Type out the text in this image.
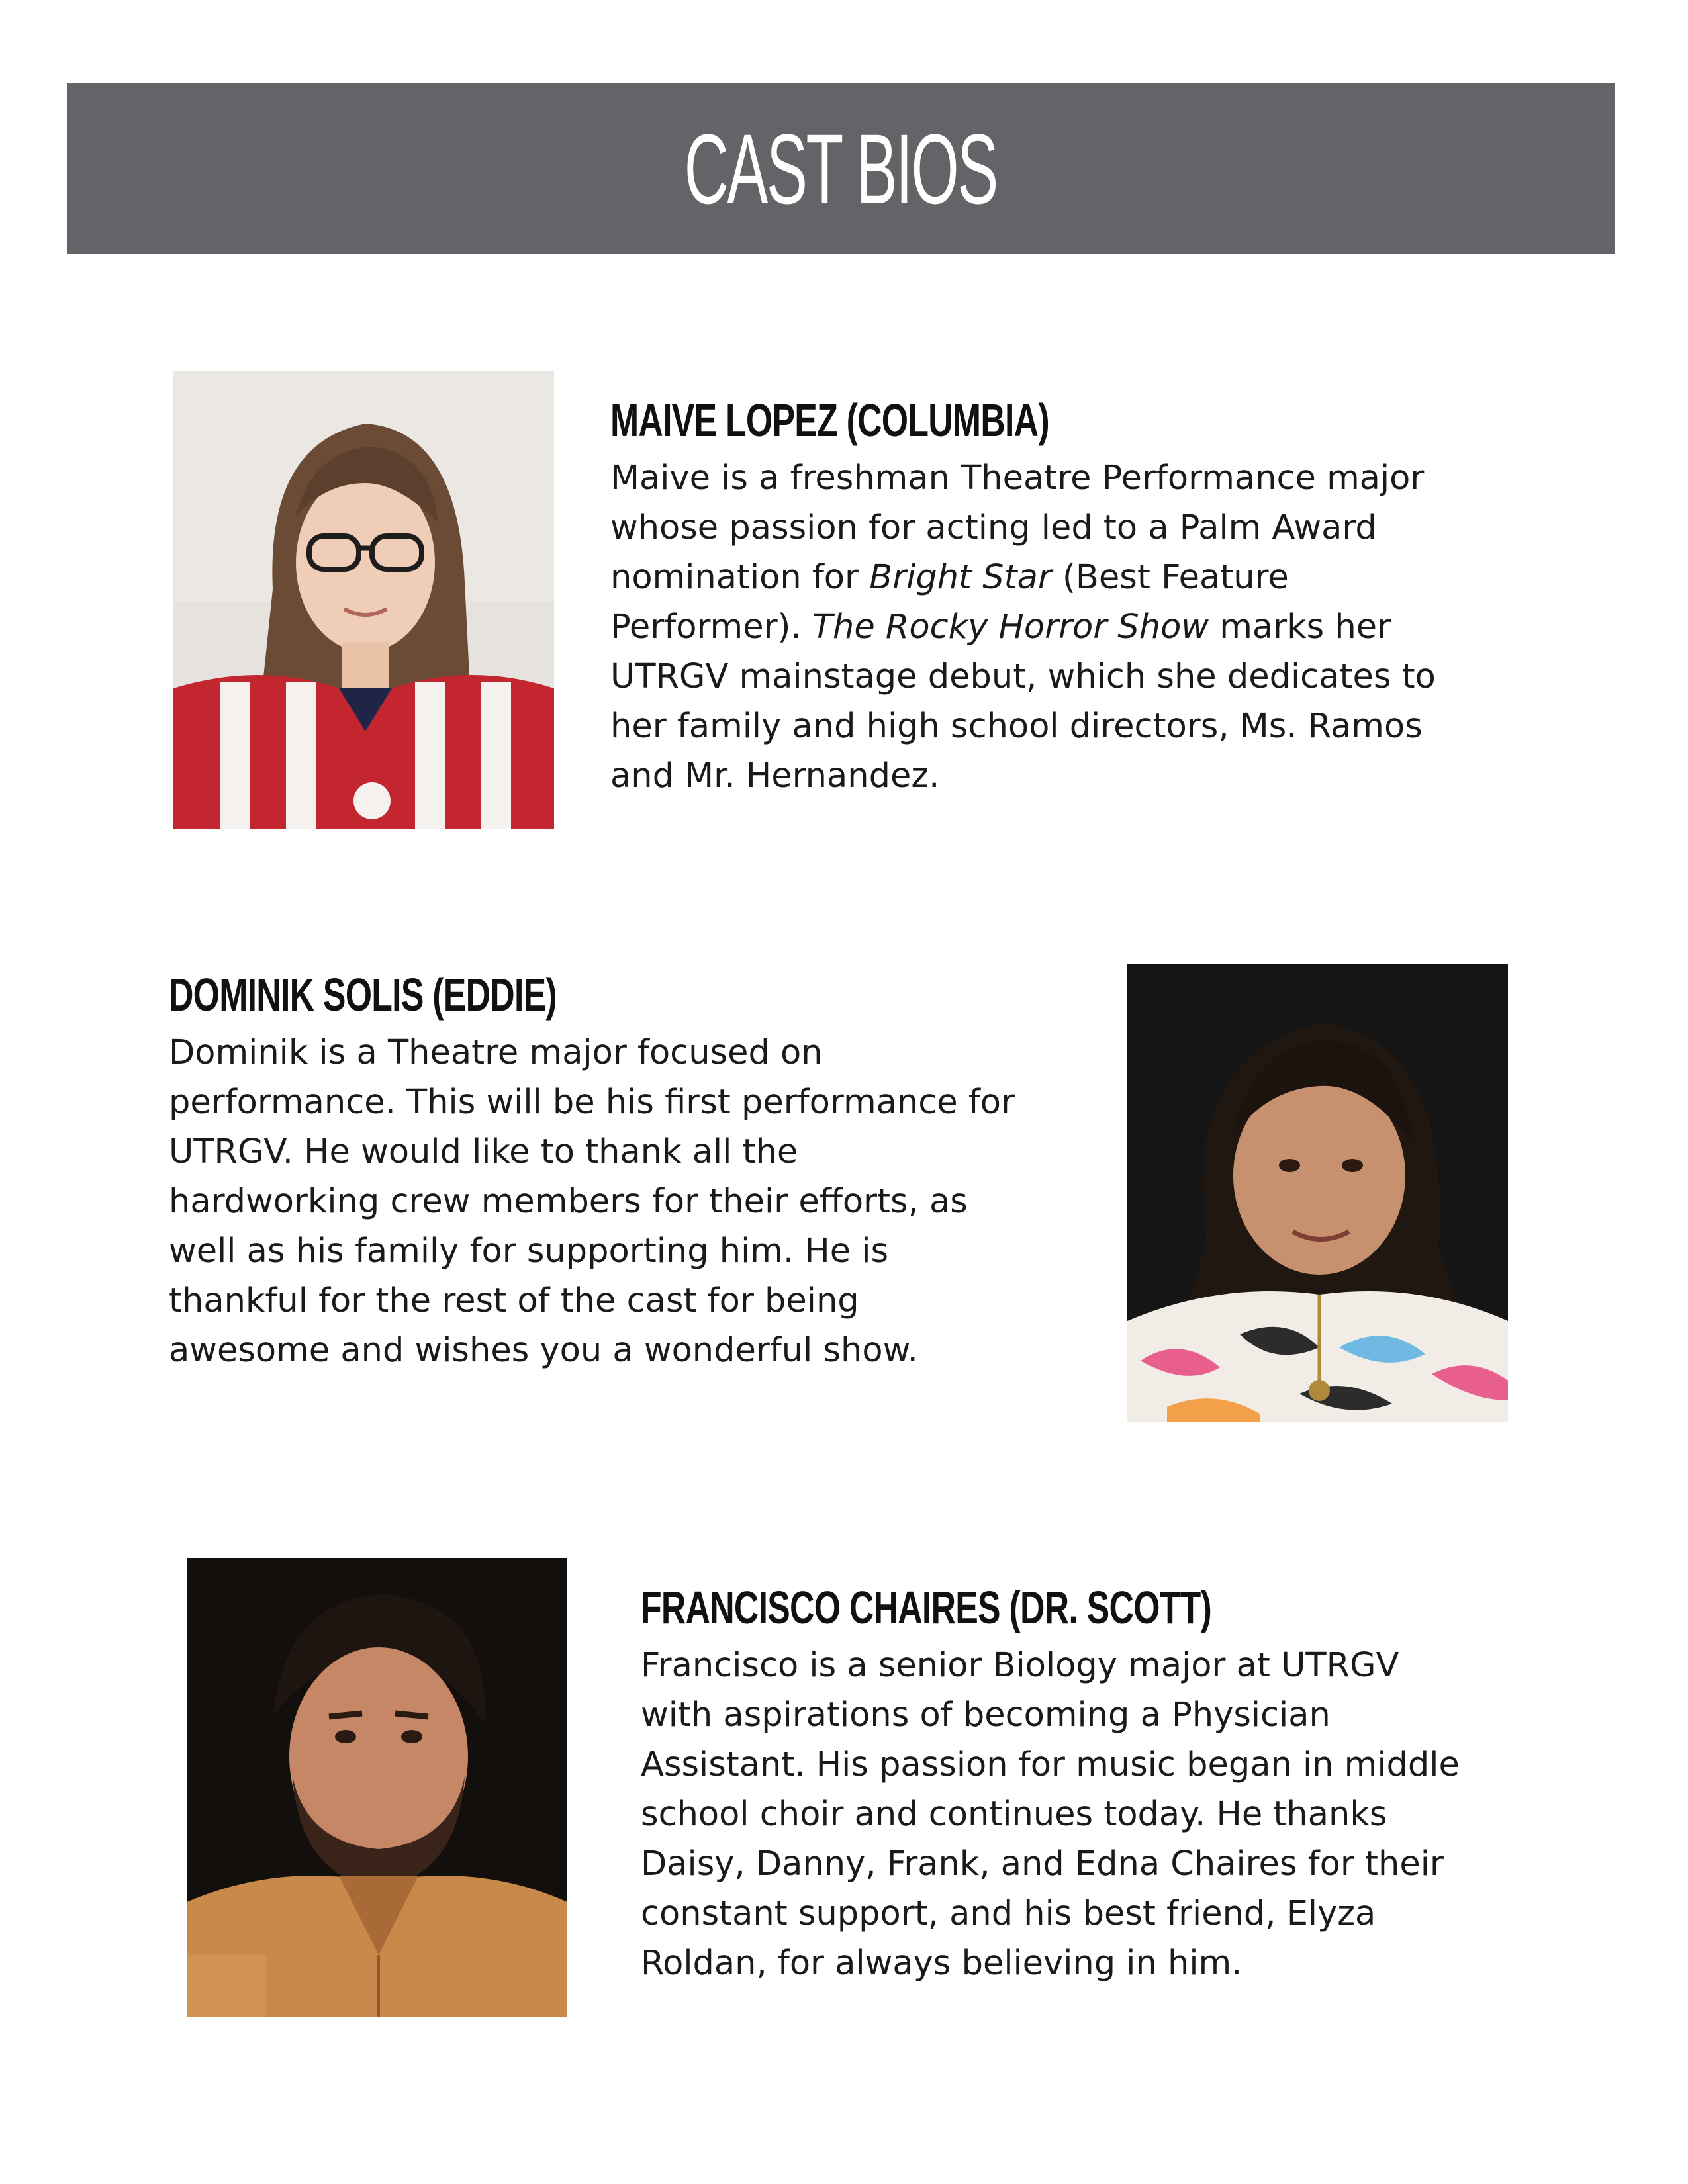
CAST BIOS
MAIVE LOPEZ (COLUMBIA)
Maive is a freshman Theatre Performance major
whose passion for acting led to a Palm Award
nomination for Bright Star (Best Feature
Performer). The Rocky Horror Show marks her
UTRGV mainstage debut, which she dedicates to
her family and high school directors, Ms. Ramos
and Mr. Hernandez.
DOMINIK SOLIS (EDDIE)
Dominik is a Theatre major focused on
performance. This will be his first performance for
UTRGV. He would like to thank all the
hardworking crew members for their efforts, as
well as his family for supporting him. He is
thankful for the rest of the cast for being
awesome and wishes you a wonderful show.
FRANCISCO CHAIRES (DR. SCOTT)
Francisco is a senior Biology major at UTRGV
with aspirations of becoming a Physician
Assistant. His passion for music began in middle
school choir and continues today. He thanks
Daisy, Danny, Frank, and Edna Chaires for their
constant support, and his best friend, Elyza
Roldan, for always believing in him.
